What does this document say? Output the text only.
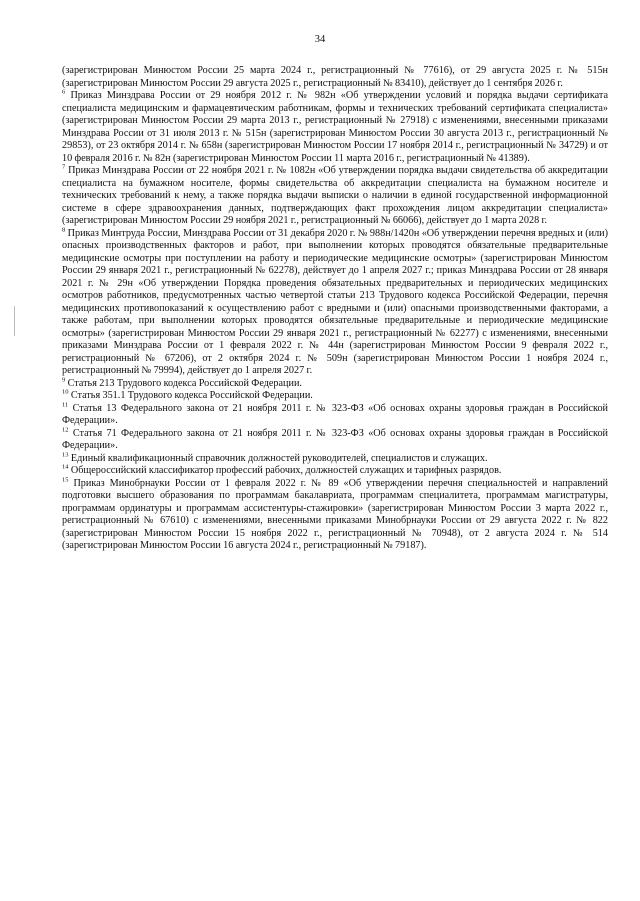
34

(зарегистрирован Минюстом России 25 марта 2024 г., регистрационный № 77616), от 29 августа 2025 г. № 515н (зарегистрирован Минюстом России 29 августа 2025 г., регистрационный № 83410), действует до 1 сентября 2026 г.

$^6$ Приказ Минздрава России от 29 ноября 2012 г. № 982н «Об утверждении условий и порядка выдачи сертификата специалиста медицинским и фармацевтическим работникам, формы и технических требований сертификата специалиста» (зарегистрирован Минюстом России 29 марта 2013 г., регистрационный № 27918) с изменениями, внесенными приказами Минздрава России от 31 июля 2013 г. № 515н (зарегистрирован Минюстом России 30 августа 2013 г., регистрационный № 29853), от 23 октября 2014 г. № 658н (зарегистрирован Минюстом России 17 ноября 2014 г., регистрационный № 34729) и от 10 февраля 2016 г. № 82н (зарегистрирован Минюстом России 11 марта 2016 г., регистрационный № 41389).

$^7$ Приказ Минздрава России от 22 ноября 2021 г. № 1082н «Об утверждении порядка выдачи свидетельства об аккредитации специалиста на бумажном носителе, формы свидетельства об аккредитации специалиста на бумажном носителе и технических требований к нему, а также порядка выдачи выписки о наличии в единой государственной информационной системе в сфере здравоохранения данных, подтверждающих факт прохождения лицом аккредитации специалиста» (зарегистрирован Минюстом России 29 ноября 2021 г., регистрационный № 66066), действует до 1 марта 2028 г.

$^8$ Приказ Минтруда России, Минздрава России от 31 декабря 2020 г. № 988н/1420н «Об утверждении перечня вредных и (или) опасных производственных факторов и работ, при выполнении которых проводятся обязательные предварительные медицинские осмотры при поступлении на работу и периодические медицинские осмотры» (зарегистрирован Минюстом России 29 января 2021 г., регистрационный № 62278), действует до 1 апреля 2027 г.; приказ Минздрава России от 28 января 2021 г. № 29н «Об утверждении Порядка проведения обязательных предварительных и периодических медицинских осмотров работников, предусмотренных частью четвертой статьи 213 Трудового кодекса Российской Федерации, перечня медицинских противопоказаний к осуществлению работ с вредными и (или) опасными производственными факторами, а также работам, при выполнении которых проводятся обязательные предварительные и периодические медицинские осмотры» (зарегистрирован Минюстом России 29 января 2021 г., регистрационный № 62277) с изменениями, внесенными приказами Минздрава России от 1 февраля 2022 г. № 44н (зарегистрирован Минюстом России 9 февраля 2022 г., регистрационный № 67206), от 2 октября 2024 г. № 509н (зарегистрирован Минюстом России 1 ноября 2024 г., регистрационный № 79994), действует до 1 апреля 2027 г.

$^9$ Статья 213 Трудового кодекса Российской Федерации.

$^{10}$ Статья 351.1 Трудового кодекса Российской Федерации.

$^{11}$ Статья 13 Федерального закона от 21 ноября 2011 г. № 323-ФЗ «Об основах охраны здоровья граждан в Российской Федерации».

$^{12}$ Статья 71 Федерального закона от 21 ноября 2011 г. № 323-ФЗ «Об основах охраны здоровья граждан в Российской Федерации».

$^{13}$ Единый квалификационный справочник должностей руководителей, специалистов и служащих.

$^{14}$ Общероссийский классификатор профессий рабочих, должностей служащих и тарифных разрядов.

$^{15}$ Приказ Минобрнауки России от 1 февраля 2022 г. № 89 «Об утверждении перечня специальностей и направлений подготовки высшего образования по программам бакалавриата, программам специалитета, программам магистратуры, программам ординатуры и программам ассистентуры-стажировки» (зарегистрирован Минюстом России 3 марта 2022 г., регистрационный № 67610) с изменениями, внесенными приказами Минобрнауки России от 29 августа 2022 г. № 822 (зарегистрирован Минюстом России 15 ноября 2022 г., регистрационный № 70948), от 2 августа 2024 г. № 514 (зарегистрирован Минюстом России 16 августа 2024 г., регистрационный № 79187).
